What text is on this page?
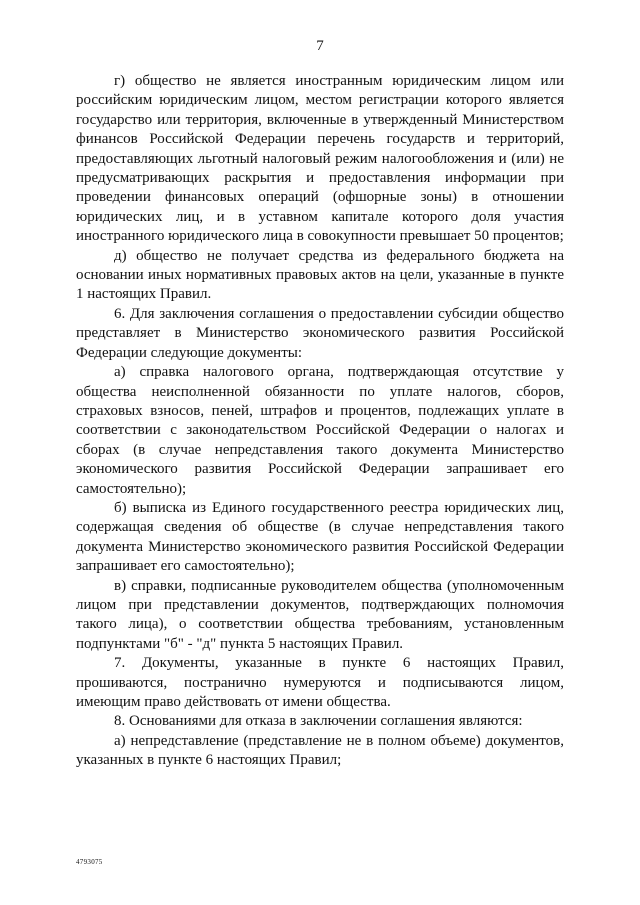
7

г) общество не является иностранным юридическим лицом или российским юридическим лицом, местом регистрации которого является государство или территория, включенные в утвержденный Министерством финансов Российской Федерации перечень государств и территорий, предоставляющих льготный налоговый режим налогообложения и (или) не предусматривающих раскрытия и предоставления информации при проведении финансовых операций (офшорные зоны) в отношении юридических лиц, и в уставном капитале которого доля участия иностранного юридического лица в совокупности превышает 50 процентов;

д) общество не получает средства из федерального бюджета на основании иных нормативных правовых актов на цели, указанные в пункте 1 настоящих Правил.

6. Для заключения соглашения о предоставлении субсидии общество представляет в Министерство экономического развития Российской Федерации следующие документы:

а) справка налогового органа, подтверждающая отсутствие у общества неисполненной обязанности по уплате налогов, сборов, страховых взносов, пеней, штрафов и процентов, подлежащих уплате в соответствии с законодательством Российской Федерации о налогах и сборах (в случае непредставления такого документа Министерство экономического развития Российской Федерации запрашивает его самостоятельно);

б) выписка из Единого государственного реестра юридических лиц, содержащая сведения об обществе (в случае непредставления такого документа Министерство экономического развития Российской Федерации запрашивает его самостоятельно);

в) справки, подписанные руководителем общества (уполномоченным лицом при представлении документов, подтверждающих полномочия такого лица), о соответствии общества требованиям, установленным подпунктами "б" - "д" пункта 5 настоящих Правил.

7. Документы, указанные в пункте 6 настоящих Правил, прошиваются, постранично нумеруются и подписываются лицом, имеющим право действовать от имени общества.

8. Основаниями для отказа в заключении соглашения являются:

а) непредставление (представление не в полном объеме) документов, указанных в пункте 6 настоящих Правил;

4793075
